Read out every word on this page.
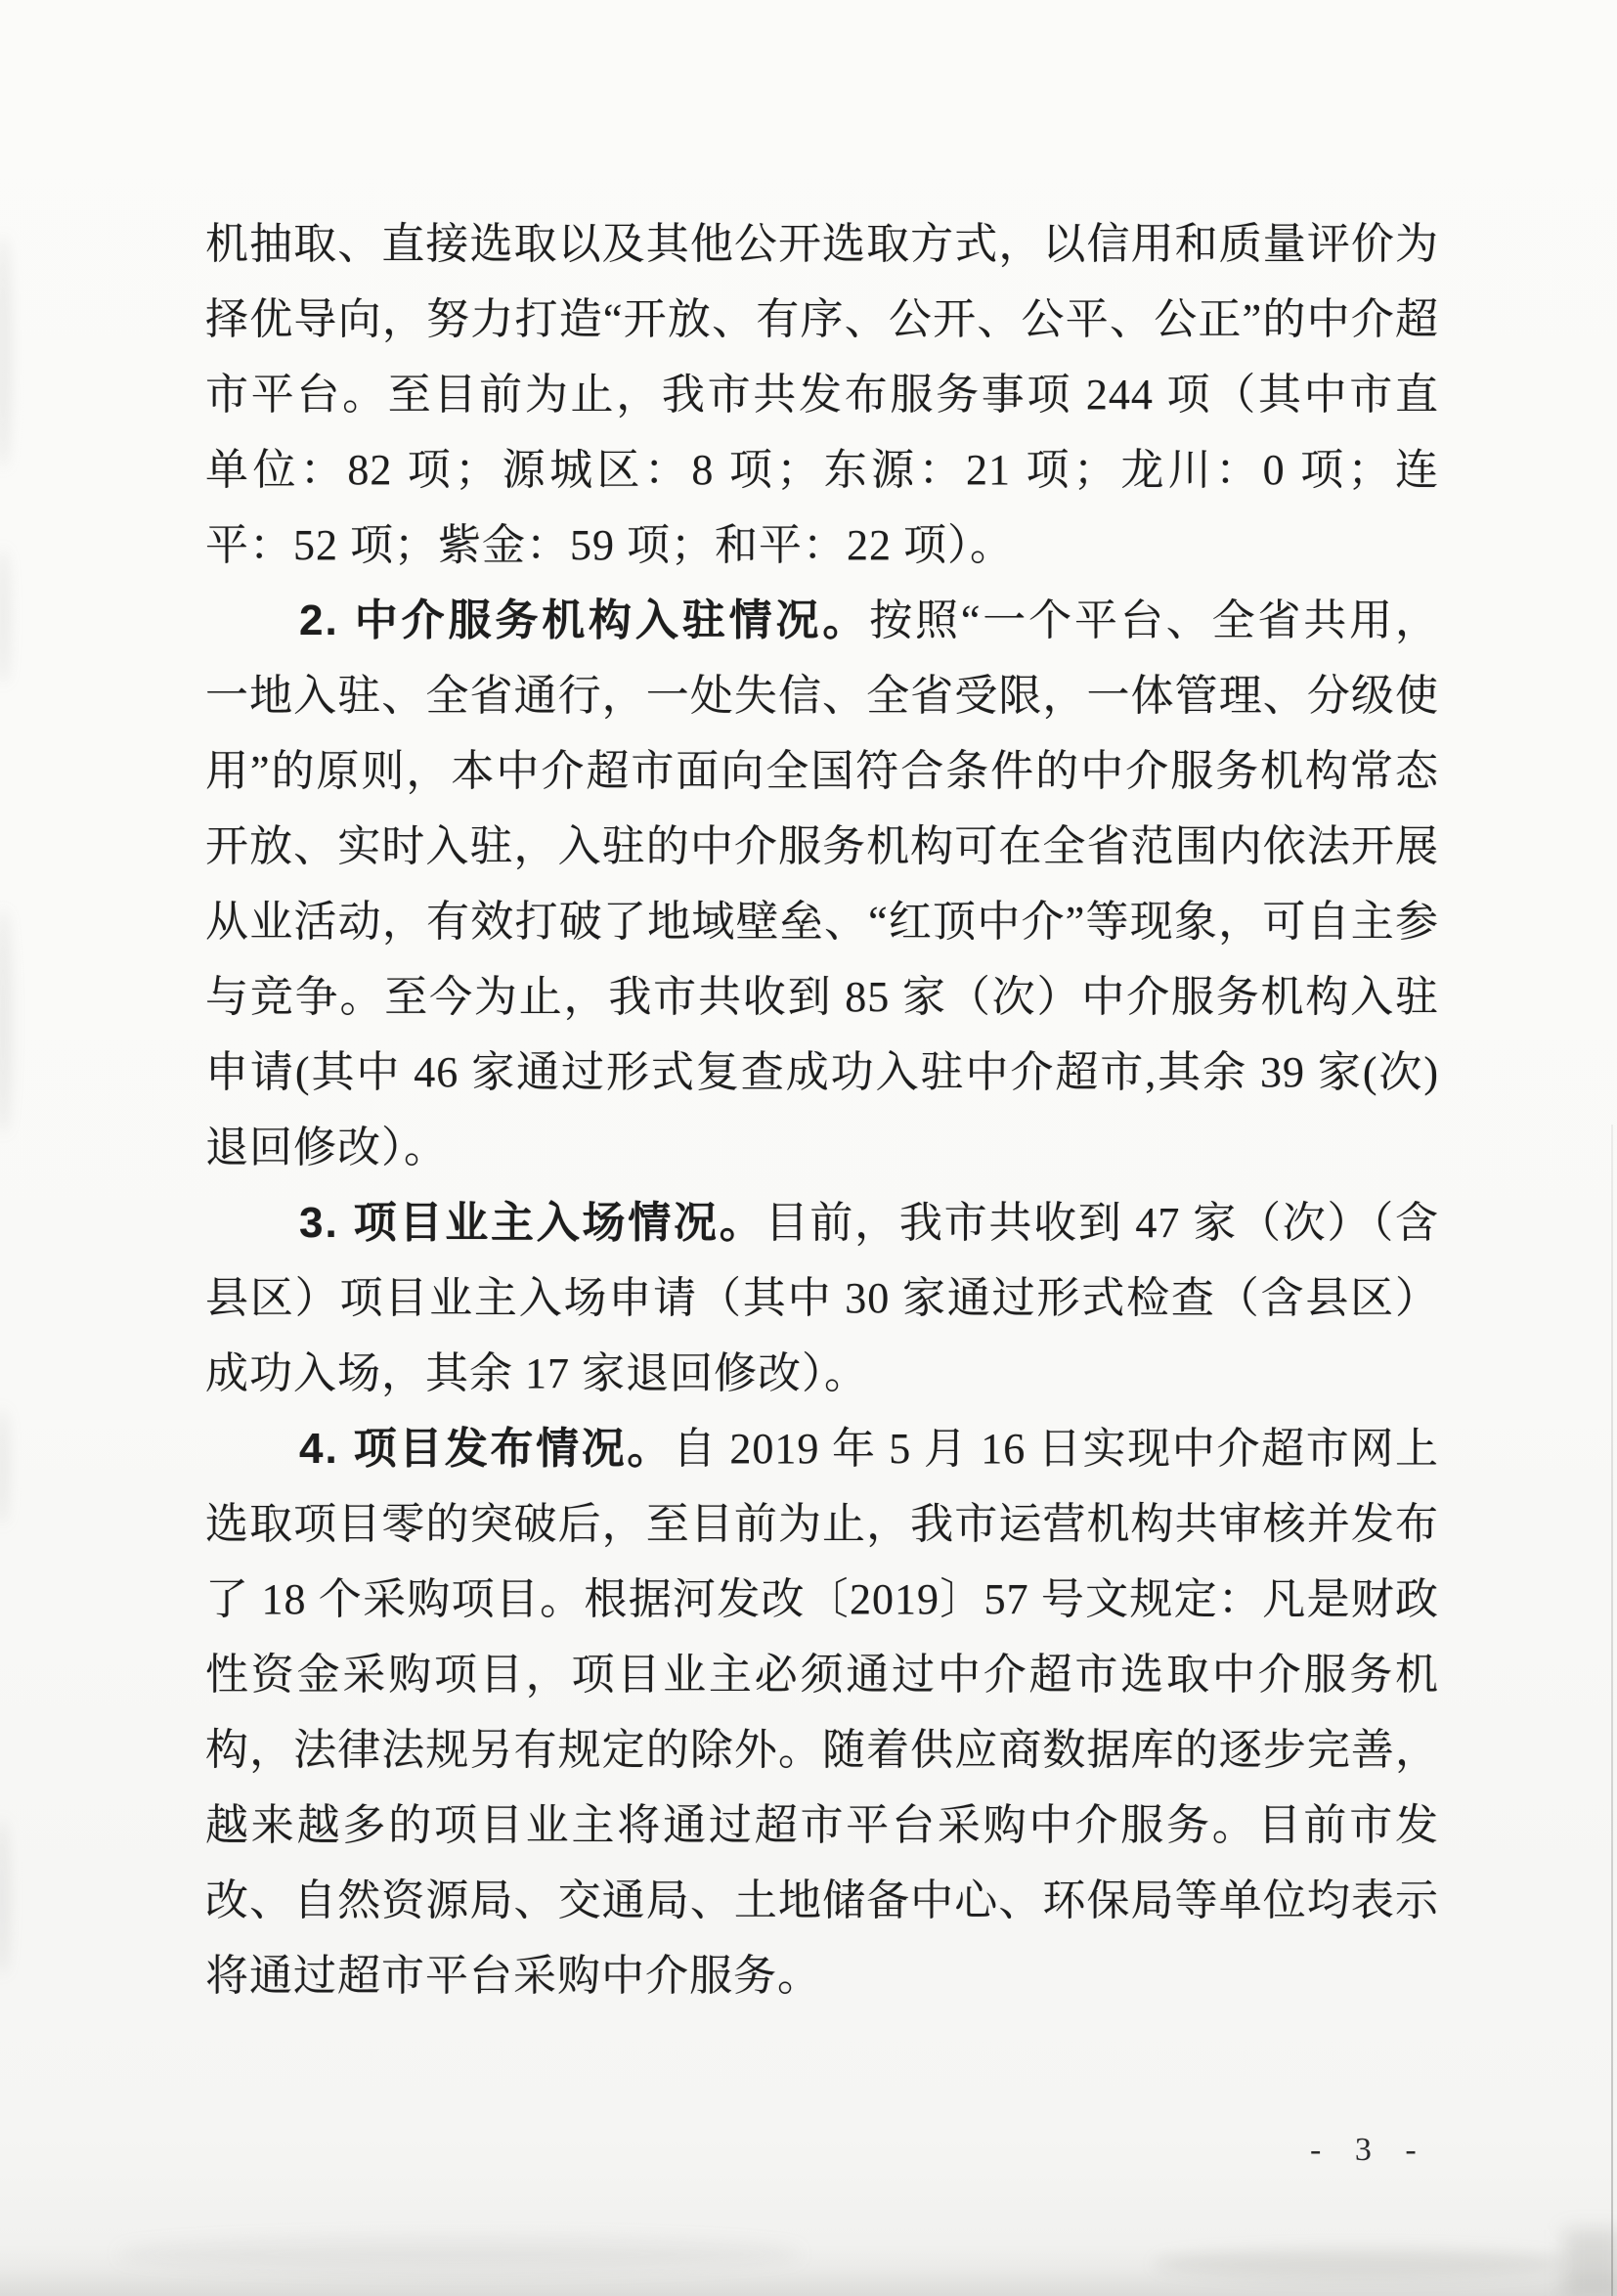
机抽取、直接选取以及其他公开选取方式，以信用和质量评价为择优导向，努力打造“开放、有序、公开、公平、公正”的中介超市平台。至目前为止，我市共发布服务事项 244 项（其中市直单位：82 项；源城区：8 项；东源：21 项；龙川：0 项；连平：52 项；紫金：59 项；和平：22 项）。

2. 中介服务机构入驻情况。按照“一个平台、全省共用，一地入驻、全省通行，一处失信、全省受限，一体管理、分级使用”的原则，本中介超市面向全国符合条件的中介服务机构常态开放、实时入驻，入驻的中介服务机构可在全省范围内依法开展从业活动，有效打破了地域壁垒、“红顶中介”等现象，可自主参与竞争。至今为止，我市共收到 85 家（次）中介服务机构入驻申请(其中 46 家通过形式复查成功入驻中介超市,其余 39 家(次)退回修改）。

3. 项目业主入场情况。目前，我市共收到 47 家（次）（含县区）项目业主入场申请（其中 30 家通过形式检查（含县区）成功入场，其余 17 家退回修改）。

4. 项目发布情况。自 2019 年 5 月 16 日实现中介超市网上选取项目零的突破后，至目前为止，我市运营机构共审核并发布了 18 个采购项目。根据河发改〔2019〕57 号文规定：凡是财政性资金采购项目，项目业主必须通过中介超市选取中介服务机构，法律法规另有规定的除外。随着供应商数据库的逐步完善，越来越多的项目业主将通过超市平台采购中介服务。目前市发改、自然资源局、交通局、土地储备中心、环保局等单位均表示将通过超市平台采购中介服务。

- 3 -
